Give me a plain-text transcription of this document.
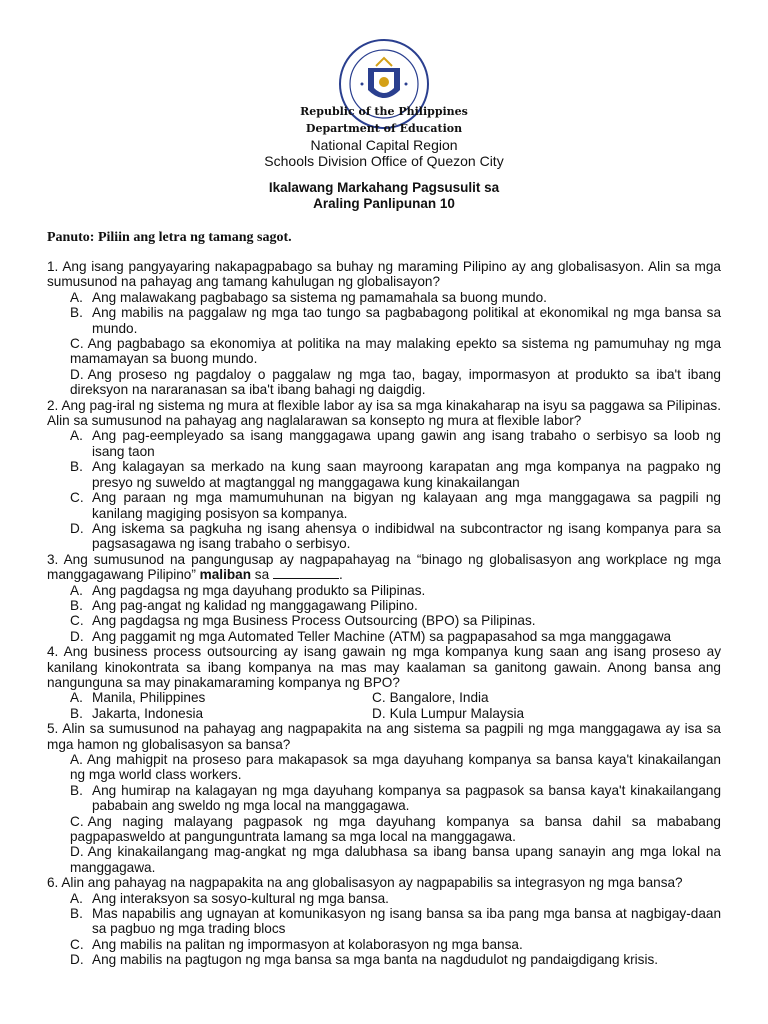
Republic of the Philippines
Department of Education
National Capital Region
Schools Division Office of Quezon City
Ikalawang Markahang Pagsusulit sa
Araling Panlipunan 10
Panuto: Piliin ang letra ng tamang sagot.
1. Ang isang pangyayaring nakapagpabago sa buhay ng maraming Pilipino ay ang globalisasyon. Alin sa mga sumusunod na pahayag ang tamang kahulugan ng globalisayon?
A. Ang malawakang pagbabago sa sistema ng pamamahala sa buong mundo.
B. Ang mabilis na paggalaw ng mga tao tungo sa pagbabagong politikal at ekonomikal ng mga bansa sa mundo.
C. Ang pagbabago sa ekonomiya at politika na may malaking epekto sa sistema ng pamumuhay ng mga mamamayan sa buong mundo.
D. Ang proseso ng pagdaloy o paggalaw ng mga tao, bagay, impormasyon at produkto sa iba't ibang direksyon na nararanasan sa iba't ibang bahagi ng daigdig.
2. Ang pag-iral ng sistema ng mura at flexible labor ay isa sa mga kinakaharap na isyu sa paggawa sa Pilipinas. Alin sa sumusunod na pahayag ang naglalarawan sa konsepto ng mura at flexible labor?
A. Ang pag-eempleyado sa isang manggagawa upang gawin ang isang trabaho o serbisyo sa loob ng isang taon
B. Ang kalagayan sa merkado na kung saan mayroong karapatan ang mga kompanya na pagpako ng presyo ng suweldo at magtanggal ng manggagawa kung kinakailangan
C. Ang paraan ng mga mamumuhunan na bigyan ng kalayaan ang mga manggagawa sa pagpili ng kanilang magiging posisyon sa kompanya.
D. Ang iskema sa pagkuha ng isang ahensya o indibidwal na subcontractor ng isang kompanya para sa pagsasagawa ng isang trabaho o serbisyo.
3. Ang sumusunod na pangungusap ay nagpapahayag na “binago ng globalisasyon ang workplace ng mga manggagawang Pilipino” maliban sa	.
A. Ang pagdagsa ng mga dayuhang produkto sa Pilipinas.
B. Ang pag-angat ng kalidad ng manggagawang Pilipino.
C. Ang pagdagsa ng mga Business Process Outsourcing (BPO) sa Pilipinas.
D. Ang paggamit ng mga Automated Teller Machine (ATM) sa pagpapasahod sa mga manggagawa
4. Ang business process outsourcing ay isang gawain ng mga kompanya kung saan ang isang proseso ay kanilang kinokontrata sa ibang kompanya na mas may kaalaman sa ganitong gawain. Anong bansa ang nangunguna sa may pinakamaraming kompanya ng BPO?
A. Manila, Philippines	C. Bangalore, India
B. Jakarta, Indonesia	D. Kula Lumpur Malaysia
5. Alin sa sumusunod na pahayag ang nagpapakita na ang sistema sa pagpili ng mga manggagawa ay isa sa mga hamon ng globalisasyon sa bansa?
A. Ang mahigpit na proseso para makapasok sa mga dayuhang kompanya sa bansa kaya't kinakailangan ng mga world class workers.
B. Ang humirap na kalagayan ng mga dayuhang kompanya sa pagpasok sa bansa kaya't kinakailangang pababain ang sweldo ng mga local na manggagawa.
C. Ang naging malayang pagpasok ng mga dayuhang kompanya sa bansa dahil sa mababang pagpapasweldo at pangunguntrata lamang sa mga local na manggagawa.
D. Ang kinakailangang mag-angkat ng mga dalubhasa sa ibang bansa upang sanayin ang mga lokal na manggagawa.
6. Alin ang pahayag na nagpapakita na ang globalisasyon ay nagpapabilis sa integrasyon ng mga bansa?
A. Ang interaksyon sa sosyo-kultural ng mga bansa.
B. Mas napabilis ang ugnayan at komunikasyon ng isang bansa sa iba pang mga bansa at nagbigay-daan sa pagbuo ng mga trading blocs
C. Ang mabilis na palitan ng impormasyon at kolaborasyon ng mga bansa.
D. Ang mabilis na pagtugon ng mga bansa sa mga banta na nagdudulot ng pandaigdigang krisis.
